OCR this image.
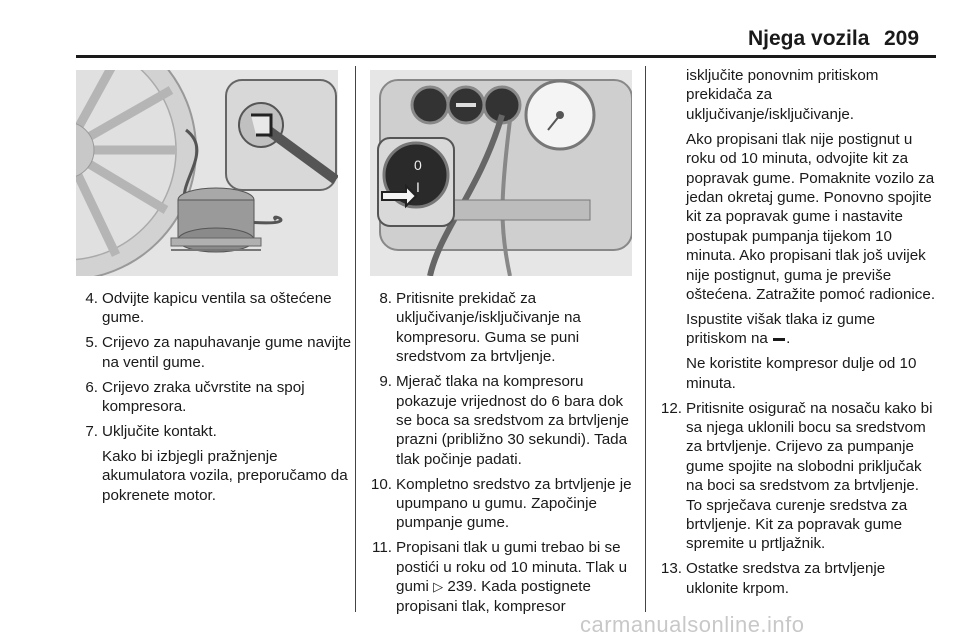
Njega vozila 209
0
I
4. Odvijte kapicu ventila sa oštećene gume.
5. Crijevo za napuhavanje gume navijte na ventil gume.
6. Crijevo zraka učvrstite na spoj kompresora.
7. Uključite kontakt.

Kako bi izbjegli pražnjenje akumulatora vozila, preporučamo da pokrenete motor.

8. Pritisnite prekidač za uključivanje/isključivanje na kompresoru. Guma se puni sredstvom za brtvljenje.
9. Mjerač tlaka na kompresoru pokazuje vrijednost do 6 bara dok se boca sa sredstvom za brtvljenje prazni (približno 30 sekundi). Tada tlak počinje padati.
10. Kompletno sredstvo za brtvljenje je upumpano u gumu. Započinje pumpanje gume.
11. Propisani tlak u gumi trebao bi se postići u roku od 10 minuta. Tlak u gumi ▷ 239. Kada postignete propisani tlak, kompresor

isključite ponovnim pritiskom prekidača za uključivanje/isključivanje.

Ako propisani tlak nije postignut u roku od 10 minuta, odvojite kit za popravak gume. Pomaknite vozilo za jedan okretaj gume. Ponovno spojite kit za popravak gume i nastavite postupak pumpanja tijekom 10 minuta. Ako propisani tlak još uvijek nije postignut, guma je previše oštećena. Zatražite pomoć radionice.

Ispustite višak tlaka iz gume pritiskom na .

Ne koristite kompresor dulje od 10 minuta.

12. Pritisnite osigurač na nosaču kako bi sa njega uklonili bocu sa sredstvom za brtvljenje. Crijevo za pumpanje gume spojite na slobodni priključak na boci sa sredstvom za brtvljenje. To sprječava curenje sredstva za brtvljenje. Kit za popravak gume spremite u prtljažnik.
13. Ostatke sredstva za brtvljenje uklonite krpom.
carmanualsonline.info
